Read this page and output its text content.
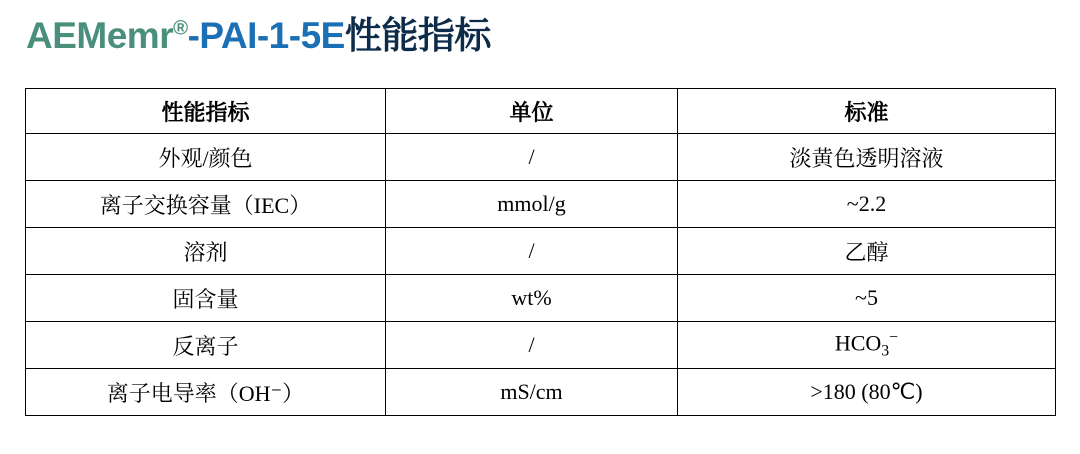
AEMemr®-PAI-1-5E性能指标
性能指标	单位	标准
外观/颜色	/	淡黄色透明溶液
离子交换容量（IEC）	mmol/g	~2.2
溶剂	/	乙醇
固含量	wt%	~5
反离子	/	$HCO_3^-$
离子电导率（OH⁻）	mS/cm	>180 (80℃)
